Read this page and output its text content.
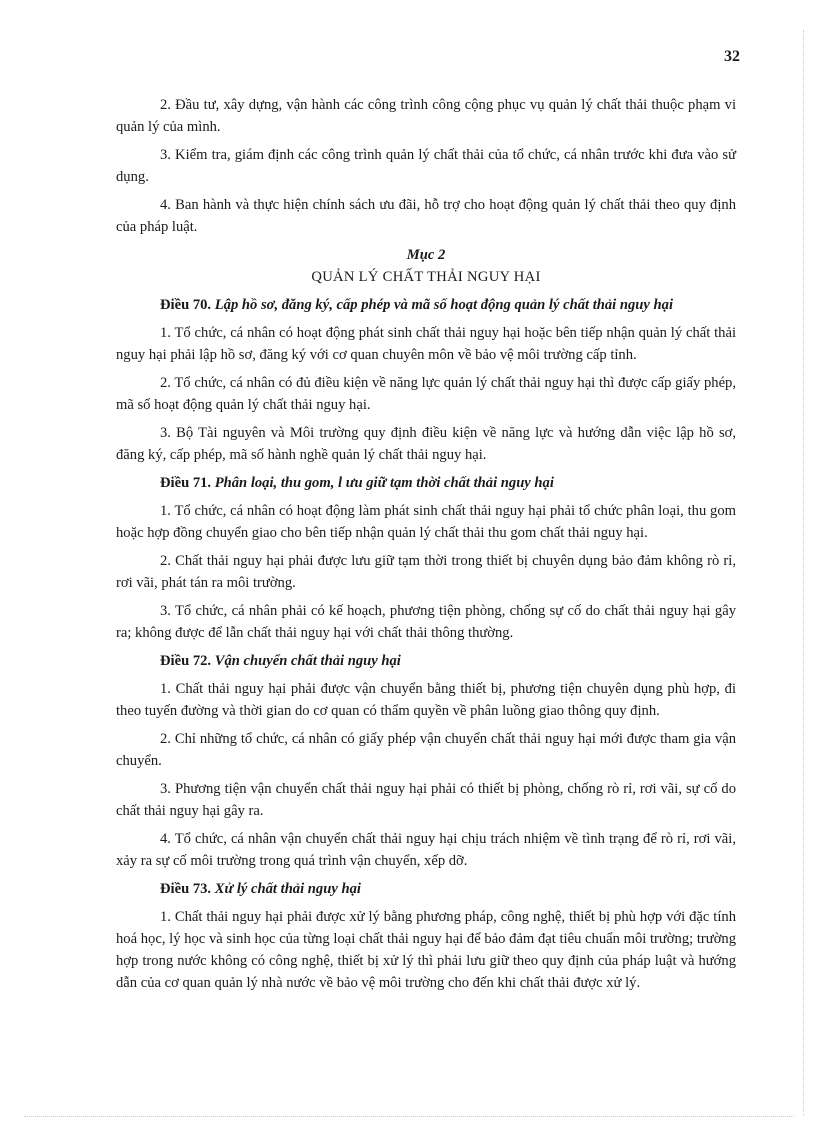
32

2. Đầu tư, xây dựng, vận hành các công trình công cộng phục vụ quản lý chất thải thuộc phạm vi quản lý của mình.

3. Kiểm tra, giám định các công trình quản lý chất thải của tổ chức, cá nhân trước khi đưa vào sử dụng.

4. Ban hành và thực hiện chính sách ưu đãi, hỗ trợ cho hoạt động quản lý chất thải theo quy định của pháp luật.

Mục 2
QUẢN LÝ CHẤT THẢI NGUY HẠI

Điều 70. Lập hồ sơ, đăng ký, cấp phép và mã số hoạt động quản lý chất thải nguy hại

1. Tổ chức, cá nhân có hoạt động phát sinh chất thải nguy hại hoặc bên tiếp nhận quản lý chất thải nguy hại phải lập hồ sơ, đăng ký với cơ quan chuyên môn về bảo vệ môi trường cấp tỉnh.

2. Tổ chức, cá nhân có đủ điều kiện về năng lực quản lý chất thải nguy hại thì được cấp giấy phép, mã số hoạt động quản lý chất thải nguy hại.

3. Bộ Tài nguyên và Môi trường quy định điều kiện về năng lực và hướng dẫn việc lập hồ sơ, đăng ký, cấp phép, mã số hành nghề quản lý chất thải nguy hại.

Điều 71. Phân loại, thu gom, l ưu giữ tạm thời chất thải nguy hại

1. Tổ chức, cá nhân có hoạt động làm phát sinh chất thải nguy hại phải tổ chức phân loại, thu gom hoặc hợp đồng chuyển giao cho bên tiếp nhận quản lý chất thải thu gom chất thải nguy hại.

2. Chất thải nguy hại phải được lưu giữ tạm thời trong thiết bị chuyên dụng bảo đảm không rò rỉ, rơi vãi, phát tán ra môi trường.

3. Tổ chức, cá nhân phải có kế hoạch, phương tiện phòng, chống sự cố do chất thải nguy hại gây ra; không được để lẫn chất thải nguy hại với chất thải thông thường.

Điều 72. Vận chuyển chất thải nguy hại

1. Chất thải nguy hại phải được vận chuyển bằng thiết bị, phương tiện chuyên dụng phù hợp, đi theo tuyến đường và thời gian do cơ quan có thẩm quyền về phân luồng giao thông quy định.

2. Chỉ những tổ chức, cá nhân có giấy phép vận chuyển chất thải nguy hại mới được tham gia vận chuyển.

3. Phương tiện vận chuyển chất thải nguy hại phải có thiết bị phòng, chống rò rỉ, rơi vãi, sự cố do chất thải nguy hại gây ra.

4. Tổ chức, cá nhân vận chuyển chất thải nguy hại chịu trách nhiệm về tình trạng để rò rỉ, rơi vãi, xảy ra sự cố môi trường trong quá trình vận chuyển, xếp dỡ.

Điều 73. Xử lý chất thải nguy hại

1. Chất thải nguy hại phải được xử lý bằng phương pháp, công nghệ, thiết bị phù hợp với đặc tính hoá học, lý học và sinh học của từng loại chất thải nguy hại để bảo đảm đạt tiêu chuẩn môi trường; trường hợp trong nước không có công nghệ, thiết bị xử lý thì phải lưu giữ theo quy định của pháp luật và hướng dẫn của cơ quan quản lý nhà nước về bảo vệ môi trường cho đến khi chất thải được xử lý.
